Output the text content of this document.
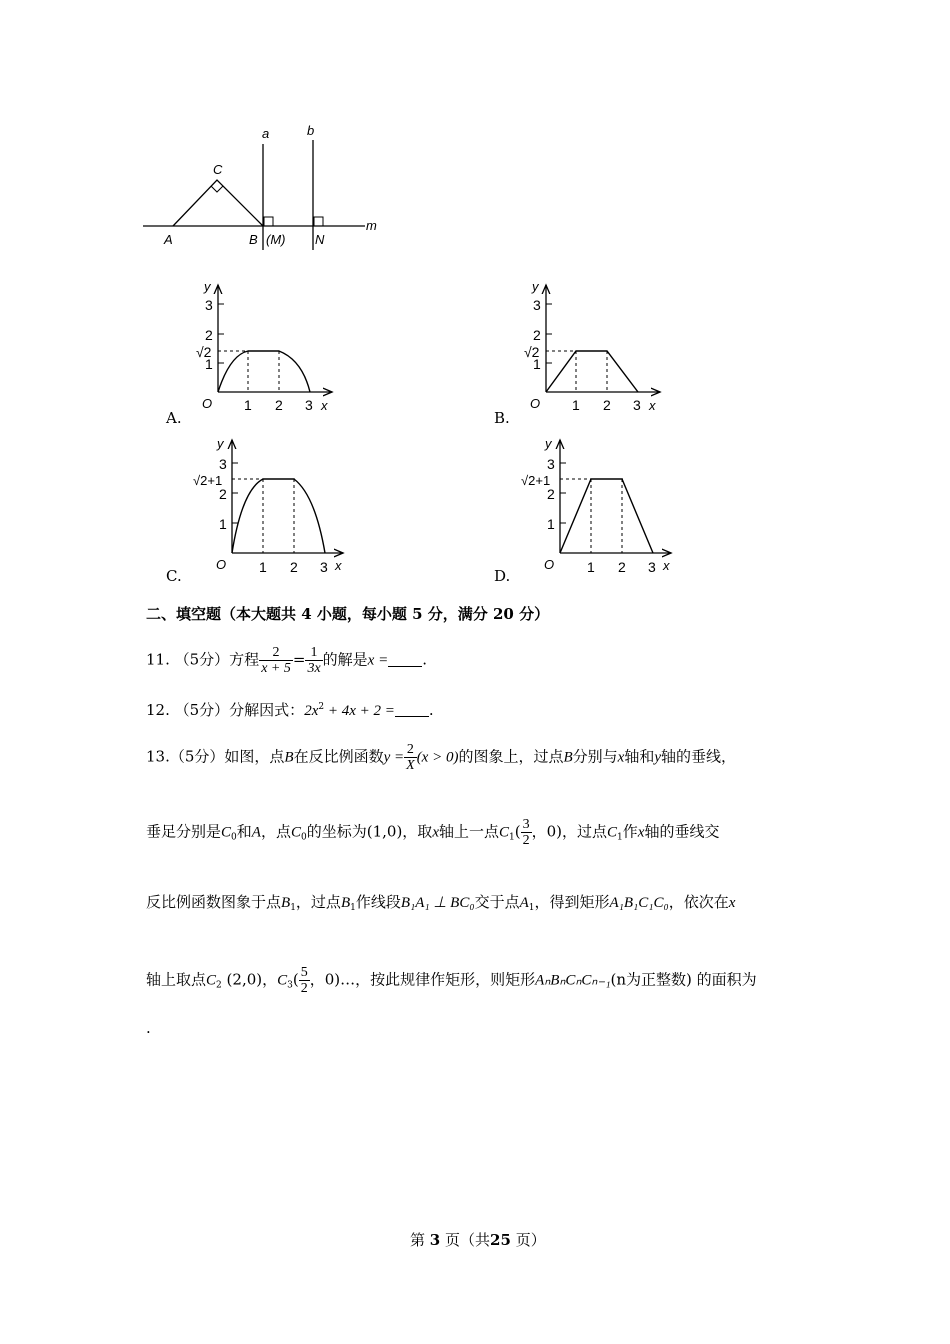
a	b
m
A	B (M) N
C
y
3
2
1
√2
O 1 2 3 x
A.
y
3
2
1
√2
O 1 2 3 x
B.
y
3
2
1
√2+1
O 1 2 3 x
C.
y
3
2
1
√2+1
O 1 2 3 x
D.
二、填空题（本大题共 4 小题，每小题 5 分，满分 20 分）
11. （5分）方程 $\frac{2}{x + 5} = \frac{1}{3x}$ 的解是x = .
12. （5分）分解因式：$2x^2 + 4x + 2$ = .
13.（5分）如图，点B在反比例函数$y = \frac{2}{X} (x > 0)$的图象上，过点B分别与x轴和y轴的垂线，
垂足分别是$C_0$和A，点$C_0$的坐标为(1,0)，取x轴上一点$C_1( \frac{3}{2}$ ，0)，过点$C_1$作x轴的垂线交
反比例函数图象于点$B_1$，过点$B_1$作线段B₁A₁ ⊥ BC₀交于点$A_1$，得到矩形A₁B₁C₁C₀，依次在x
轴上取点$C_2$ (2,0)，$C_3( \frac{5}{2}$ ，0)…，按此规律作矩形，则矩形AₙBₙCₙCₙ₋₁(n为正整数) 的面积为
.
第 3 页（共25 页）
